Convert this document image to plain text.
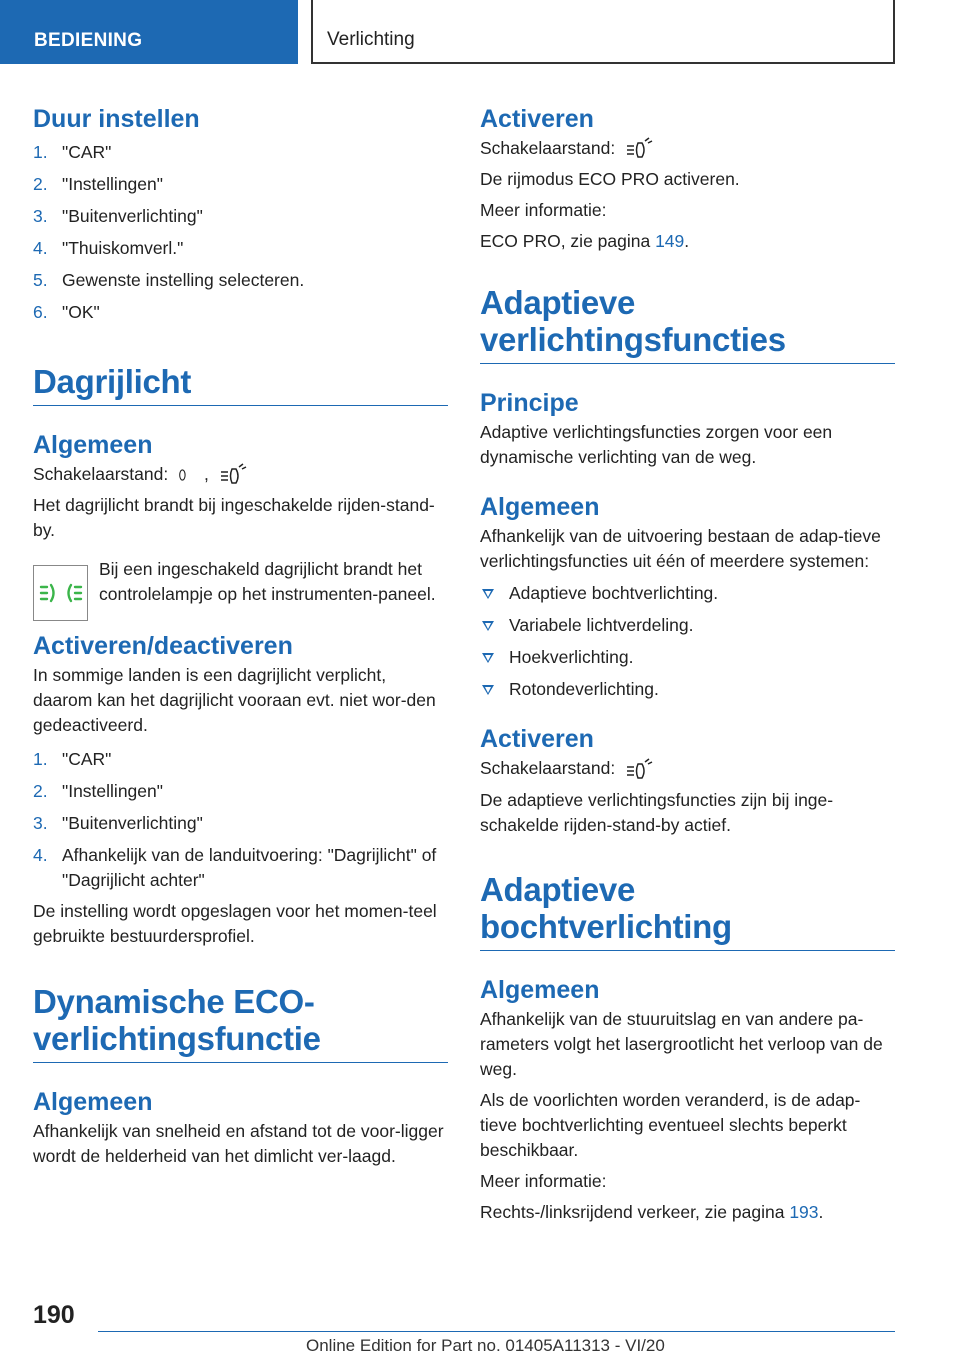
BEDIENING	Verlichting
Duur instellen
1. "CAR"
2. "Instellingen"
3. "Buitenverlichting"
4. "Thuiskomverl."
5. Gewenste instelling selecteren.
6. "OK"
Dagrijlicht
Algemeen

Schakelaarstand: ,

Het dagrijlicht brandt bij ingeschakelde rijden-stand-by.

Bij een ingeschakeld dagrijlicht brandt het controlelampje op het instrumenten-paneel.

Activeren/deactiveren

In sommige landen is een dagrijlicht verplicht, daarom kan het dagrijlicht vooraan evt. niet wor-den gedeactiveerd.

1. "CAR"
2. "Instellingen"
3. "Buitenverlichting"
4. Afhankelijk van de landuitvoering: "Dagrijlicht" of "Dagrijlicht achter"

De instelling wordt opgeslagen voor het momen-teel gebruikte bestuurdersprofiel.

Dynamische ECO-verlichtingsfunctie
Algemeen

Afhankelijk van snelheid en afstand tot de voor-ligger wordt de helderheid van het dimlicht ver-laagd.

Activeren

Schakelaarstand:

De rijmodus ECO PRO activeren.

Meer informatie:

ECO PRO, zie pagina 149.

Adaptieve verlichtingsfuncties
Principe

Adaptive verlichtingsfuncties zorgen voor een dynamische verlichting van de weg.

Algemeen

Afhankelijk van de uitvoering bestaan de adap-tieve verlichtingsfuncties uit één of meerdere systemen:

Adaptieve bochtverlichting.
Variabele lichtverdeling.
Hoekverlichting.
Rotondeverlichting.
Activeren

Schakelaarstand:

De adaptieve verlichtingsfuncties zijn bij inge-schakelde rijden-stand-by actief.

Adaptieve bochtverlichting
Algemeen

Afhankelijk van de stuuruitslag en van andere pa-rameters volgt het lasergrootlicht het verloop van de weg.

Als de voorlichten worden veranderd, is de adap-tieve bochtverlichting eventueel slechts beperkt beschikbaar.

Meer informatie:

Rechts-/linksrijdend verkeer, zie pagina 193.

190
Online Edition for Part no. 01405A11313 - VI/20
